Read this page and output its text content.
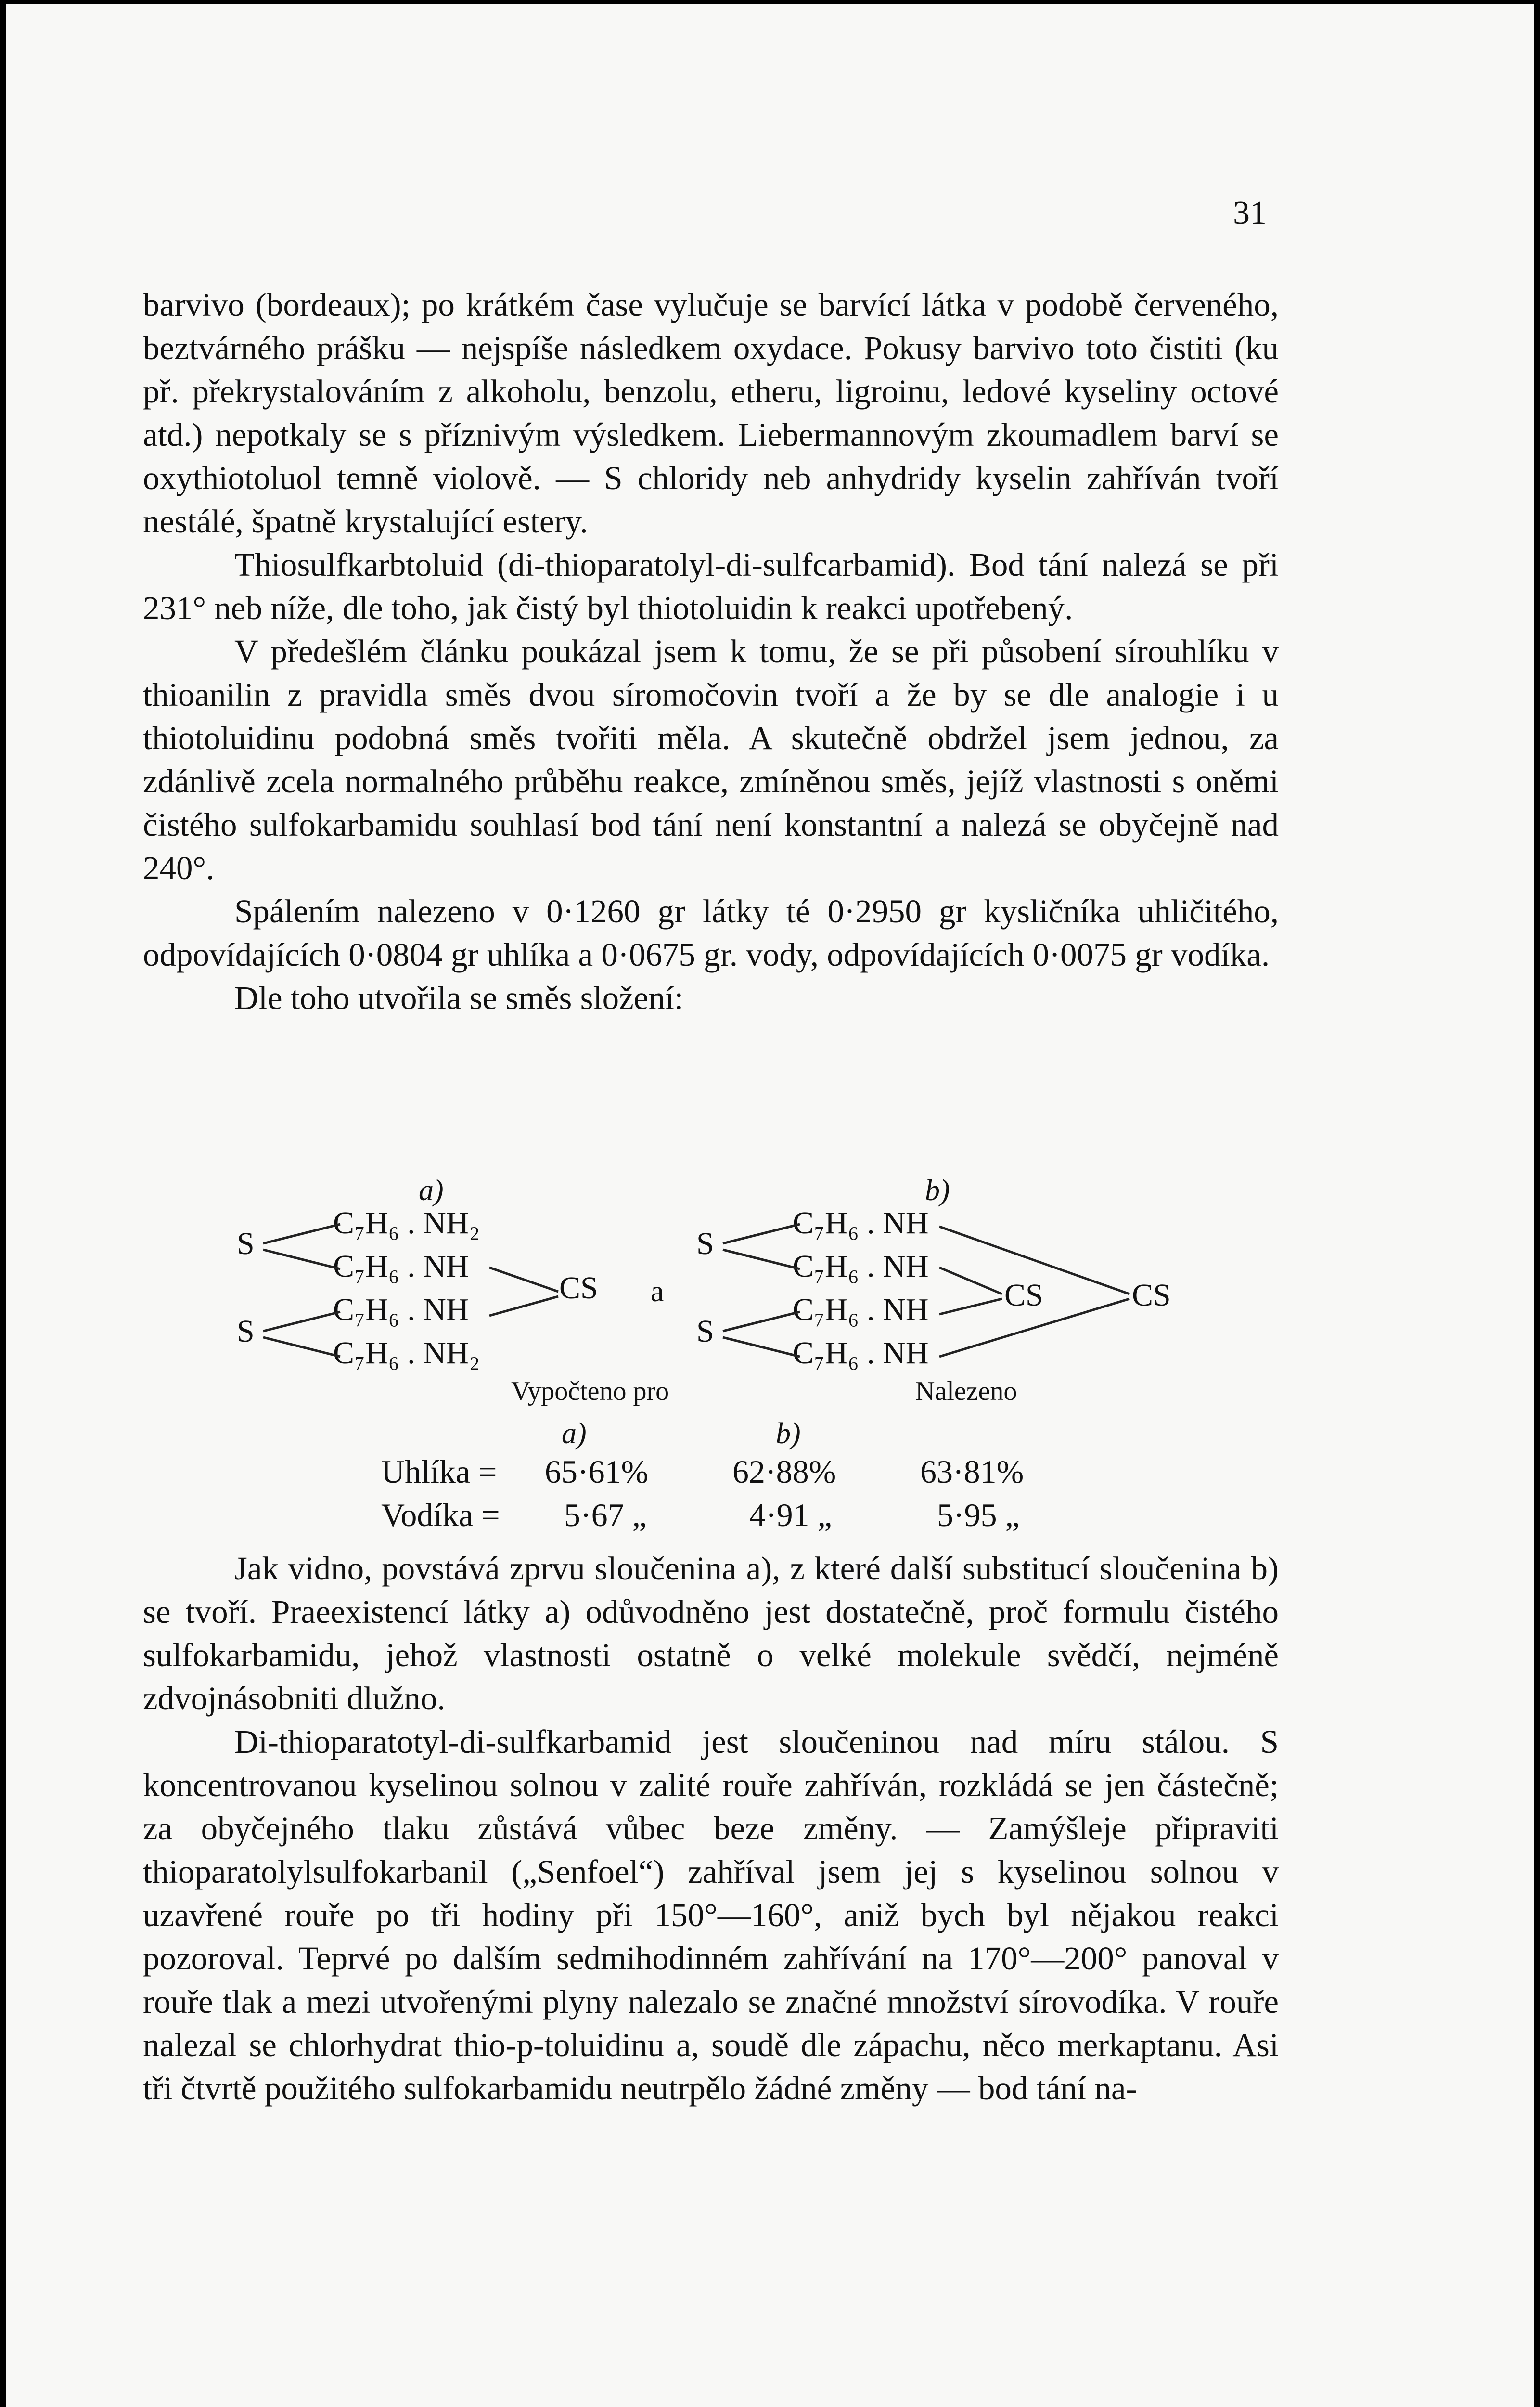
31

barvivo (bordeaux); po krátkém čase vylučuje se barvící látka v podobě červeného, beztvárného prášku — nejspíše následkem oxydace. Pokusy barvivo toto čistiti (ku př. překrystalováním z alkoholu, benzolu, etheru, ligroinu, ledové kyseliny octové atd.) nepotkaly se s příznivým výsledkem. Liebermannovým zkoumadlem barví se oxythiotoluol temně violově. — S chloridy neb anhydridy kyselin zahříván tvoří nestálé, špatně krystalující estery.

Thiosulfkarbtoluid (di-thioparatolyl-di-sulfcarbamid). Bod tání nalezá se při 231° neb níže, dle toho, jak čistý byl thiotoluidin k reakci upotřebený.

V předešlém článku poukázal jsem k tomu, že se při působení sírouhlíku v thioanilin z pravidla směs dvou síromočovin tvoří a že by se dle analogie i u thiotoluidinu podobná směs tvořiti měla. A skutečně obdržel jsem jednou, za zdánlivě zcela normalného průběhu reakce, zmíněnou směs, jejíž vlastnosti s oněmi čistého sulfokarbamidu souhlasí bod tání není konstantní a nalezá se obyčejně nad 240°.

Spálením nalezeno v 0·1260 gr látky té 0·2950 gr kysličníka uhličitého, odpovídajících 0·0804 gr uhlíka a 0·0675 gr. vody, odpovídajících 0·0075 gr vodíka.

Dle toho utvořila se směs složení:

a)	b)
S
S
C₇H₆ . NH₂
C₇H₆ . NH
C₇H₆ . NH
C₇H₆ . NH₂
CS a
S
S
C₇H₆ . NH
C₇H₆ . NH
C₇H₆ . NH
C₇H₆ . NH
CS	CS
Vypočteno pro	Nalezeno
a)	b)
Uhlíka = 65·61%	62·88%	63·81%
Vodíka = 5·67 „	4·91 „	5·95 „

Jak vidno, povstává zprvu sloučenina a), z které další substitucí sloučenina b) se tvoří. Praeexistencí látky a) odůvodněno jest dostatečně, proč formulu čistého sulfokarbamidu, jehož vlastnosti ostatně o velké molekule svědčí, nejméně zdvojnásobniti dlužno.

Di-thioparatotyl-di-sulfkarbamid jest sloučeninou nad míru stálou. S koncentrovanou kyselinou solnou v zalité rouře zahříván, rozkládá se jen částečně; za obyčejného tlaku zůstává vůbec beze změny. — Zamýšleje připraviti thioparatolylsulfokarbanil („Senfoel“) zahříval jsem jej s kyselinou solnou v uzavřené rouře po tři hodiny při 150°—160°, aniž bych byl nějakou reakci pozoroval. Teprvé po dalším sedmihodinném zahřívání na 170°—200° panoval v rouře tlak a mezi utvořenými plyny nalezalo se značné množství sírovodíka. V rouře nalezal se chlorhydrat thio-p-toluidinu a, soudě dle zápachu, něco merkaptanu. Asi tři čtvrtě použitého sulfokarbamidu neutrpělo žádné změny — bod tání na-
